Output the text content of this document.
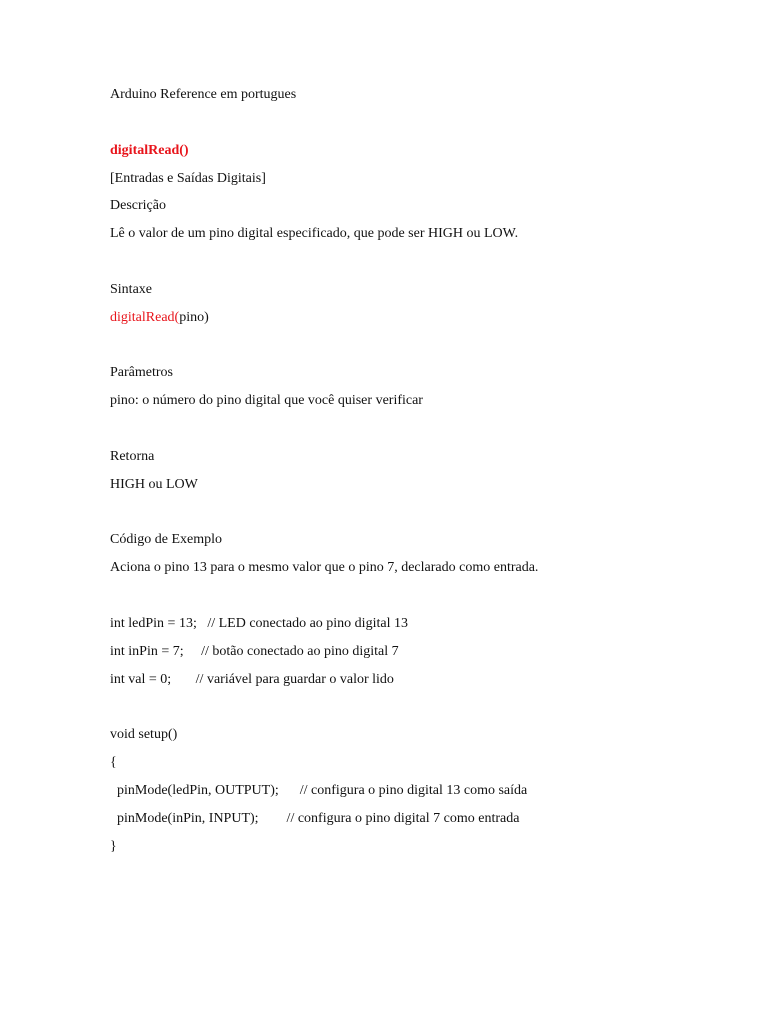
Arduino Reference em portugues
digitalRead()
[Entradas e Saídas Digitais]
Descrição
Lê o valor de um pino digital especificado, que pode ser HIGH ou LOW.
Sintaxe
digitalRead(pino)
Parâmetros
pino: o número do pino digital que você quiser verificar
Retorna
HIGH ou LOW
Código de Exemplo
Aciona o pino 13 para o mesmo valor que o pino 7, declarado como entrada.
int ledPin = 13;   // LED conectado ao pino digital 13
int inPin = 7;     // botão conectado ao pino digital 7
int val = 0;       // variável para guardar o valor lido
void setup()
{
pinMode(ledPin, OUTPUT);      // configura o pino digital 13 como saída
pinMode(inPin, INPUT);        // configura o pino digital 7 como entrada
}
